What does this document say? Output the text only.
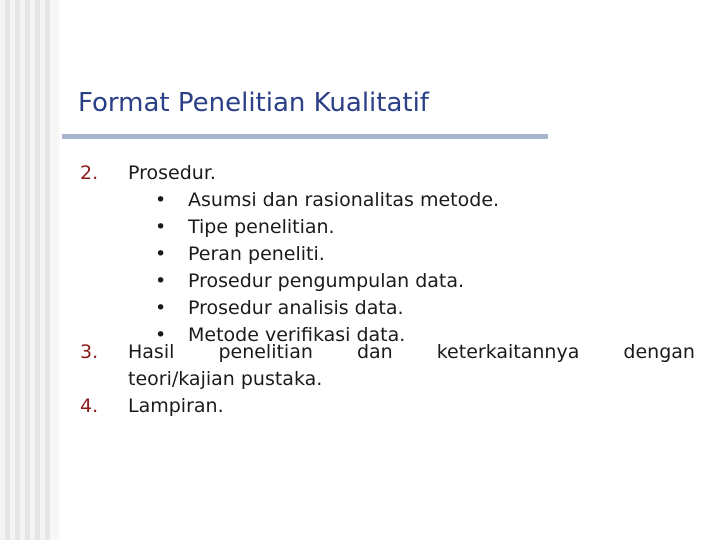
Format Penelitian Kualitatif
2. Prosedur.
• Asumsi dan rasionalitas metode.
• Tipe penelitian.
• Peran peneliti.
• Prosedur pengumpulan data.
• Prosedur analisis data.
• Metode verifikasi data.
3. Hasil penelitian dan keterkaitannya dengan
teori/kajian pustaka.
4. Lampiran.
